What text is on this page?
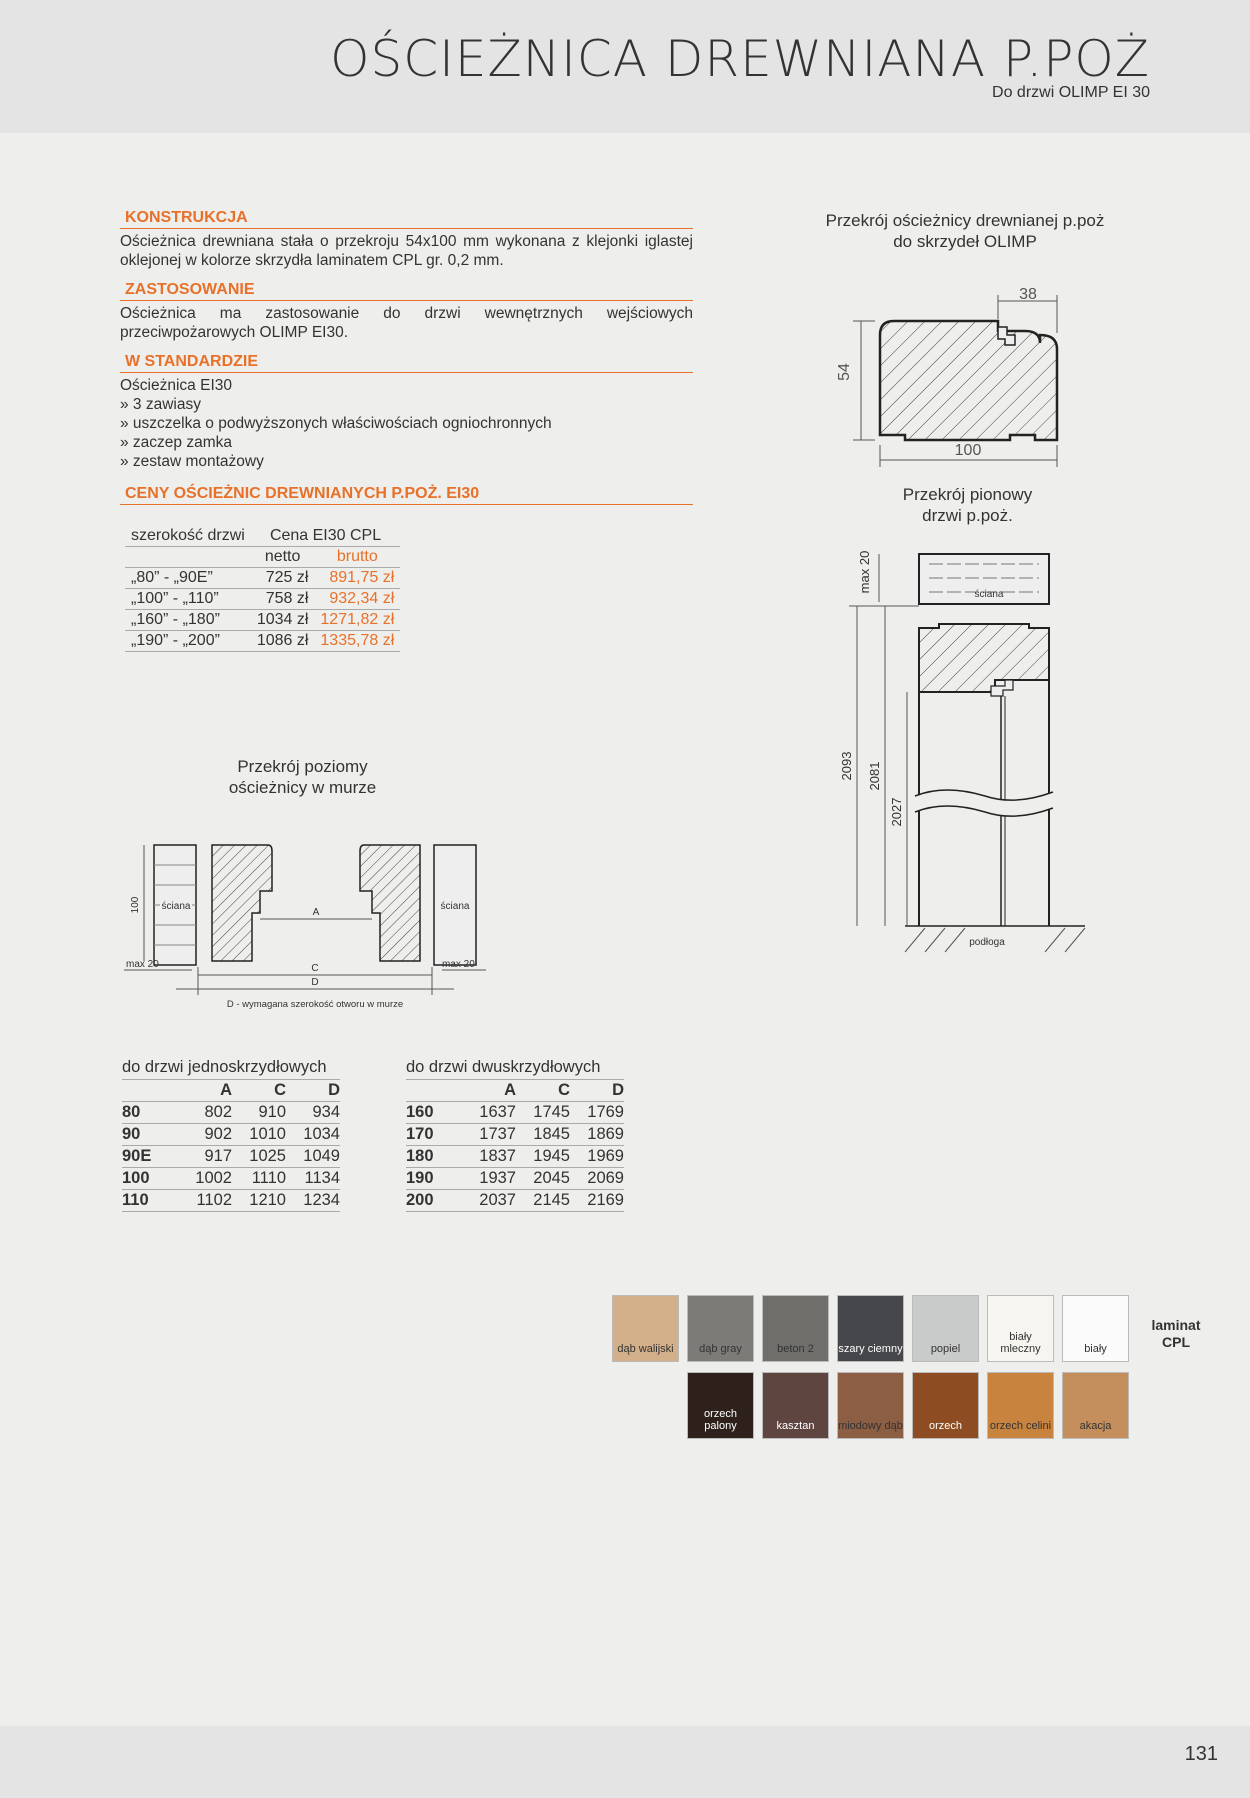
OŚCIEŻNICA DREWNIANA P.POŻ
Do drzwi OLIMP EI 30
KONSTRUKCJA
Ościeżnica drewniana stała o przekroju 54x100 mm wykonana z klejonki iglastej oklejonej w kolorze skrzydła laminatem CPL gr. 0,2 mm.
ZASTOSOWANIE
Ościeżnica ma zastosowanie do drzwi wewnętrznych wejściowych przeciwpożarowych OLIMP EI30.
W STANDARDZIE
Ościeżnica EI30
» 3 zawiasy
» uszczelka o podwyższonych właściwościach ogniochronnych
» zaczep zamka
» zestaw montażowy
CENY OŚCIEŻNIC DREWNIANYCH P.POŻ. EI30
szerokość drzwi	Cena EI30 CPL	
	netto	brutto
„80” - „90E”	725 zł	891,75 zł
„100” - „110”	758 zł	932,34 zł
„160” - „180”	1034 zł	1271,82 zł
„190” - „200”	1086 zł	1335,78 zł
Przekrój ościeżnicy drewnianej p.poż
do skrzydeł OLIMP
38
54
100
Przekrój pionowy
drzwi p.poż.
ściana
podłoga
max 20
2093 2081
2027
Przekrój poziomy
ościeżnicy w murze
ściana	ściana
A
C
D
max 20	max 20
100
D - wymagana szerokość otworu w murze
do drzwi jednoskrzydłowych
	A	C	D
80	802	910	934
90	902	1010	1034
90E	917	1025	1049
100	1002	1110	1134
110	1102	1210	1234
do drzwi dwuskrzydłowych
	A	C	D
160	1637	1745	1769
170	1737	1845	1869
180	1837	1945	1969
190	1937	2045	2069
200	2037	2145	2169
dąb walijski	dąb gray	beton 2	szary ciemny	popiel
biały mleczny	biały
orzech palony	kasztan	miodowy dąb	orzech	orzech celini	akacja
laminat CPL
131
